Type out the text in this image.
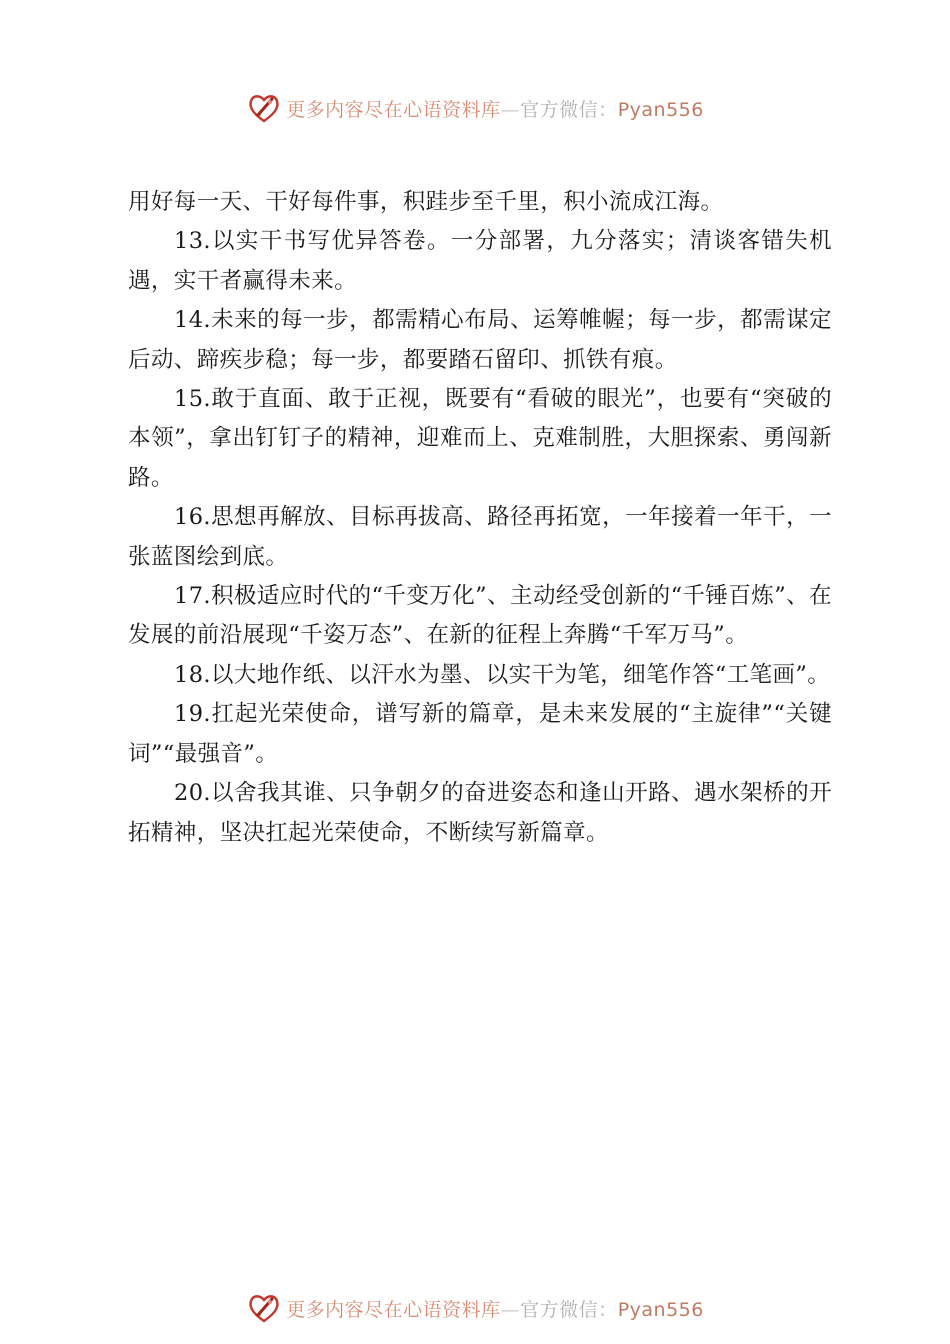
更多内容尽在心语资料库—官方微信：Pyan556

用好每一天、干好每件事，积跬步至千里，积小流成江海。

13.以实干书写优异答卷。一分部署，九分落实；清谈客错失机遇，实干者赢得未来。

14.未来的每一步，都需精心布局、运筹帷幄；每一步，都需谋定后动、蹄疾步稳；每一步，都要踏石留印、抓铁有痕。

15.敢于直面、敢于正视，既要有“看破的眼光”，也要有“突破的本领”，拿出钉钉子的精神，迎难而上、克难制胜，大胆探索、勇闯新路。

16.思想再解放、目标再拔高、路径再拓宽，一年接着一年干，一张蓝图绘到底。

17.积极适应时代的“千变万化”、主动经受创新的“千锤百炼”、在发展的前沿展现“千姿万态”、在新的征程上奔腾“千军万马”。

18.以大地作纸、以汗水为墨、以实干为笔，细笔作答“工笔画”。

19.扛起光荣使命，谱写新的篇章，是未来发展的“主旋律”“关键词”“最强音”。

20.以舍我其谁、只争朝夕的奋进姿态和逢山开路、遇水架桥的开拓精神，坚决扛起光荣使命，不断续写新篇章。

更多内容尽在心语资料库—官方微信：Pyan556
